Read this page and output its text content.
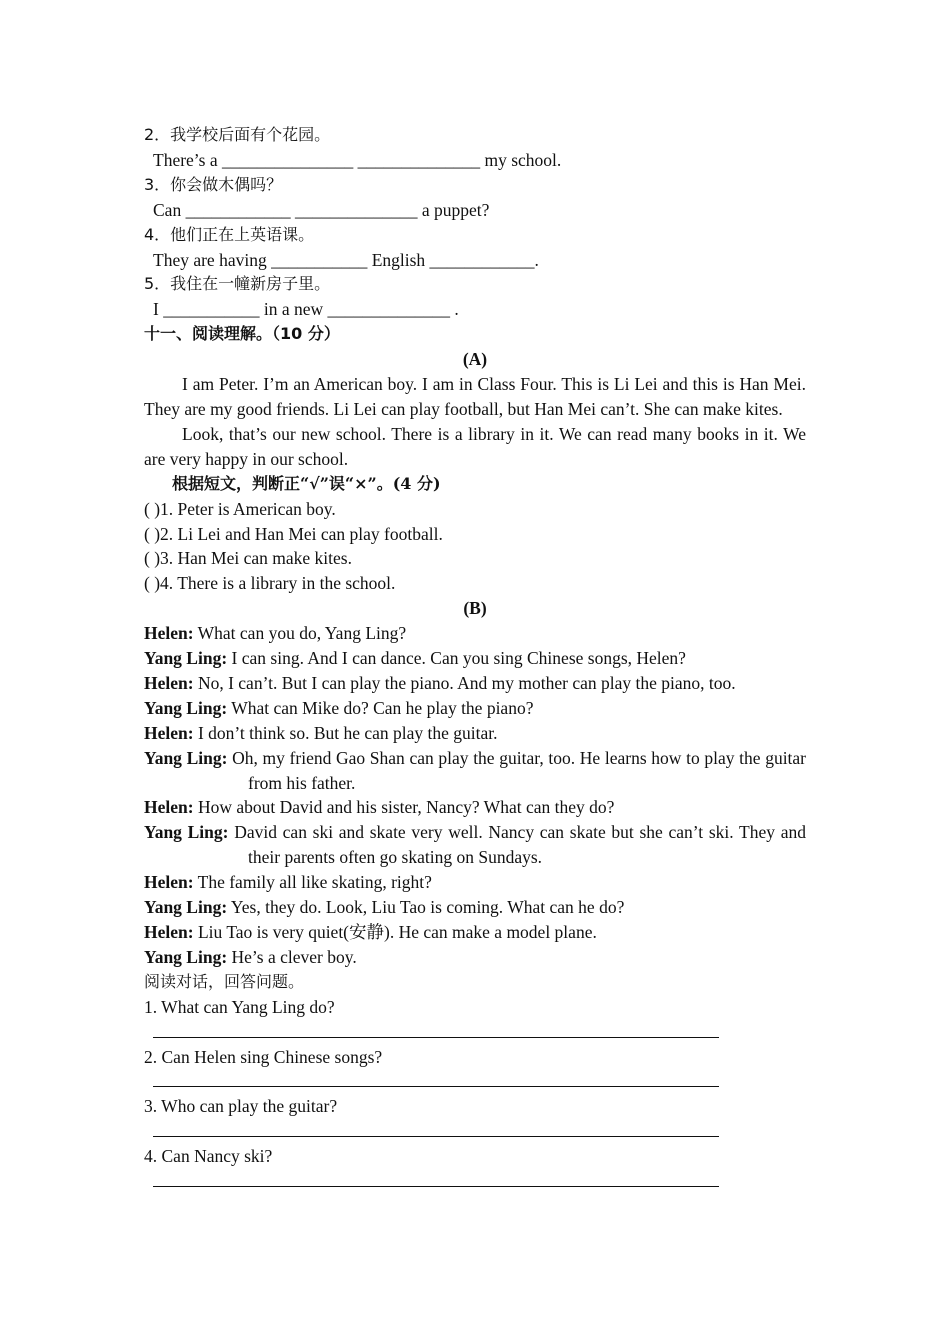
2．我学校后面有个花园。
There’s a _______________ ______________ my school.
3．你会做木偶吗？
Can ____________ ______________ a puppet?
4．他们正在上英语课。
They are having ___________ English ____________.
5．我住在一幢新房子里。
I ___________ in a new ______________ .
十一、阅读理解。（10 分）
(A)
I am Peter. I’m an American boy. I am in Class Four. This is Li Lei and this is Han Mei. They are my good friends. Li Lei can play football, but Han Mei can’t. She can make kites.
Look, that’s our new school. There is a library in it. We can read many books in it. We are very happy in our school.
根据短文，判断正“√”误“×”。(4 分)
( )1. Peter is American boy.
( )2. Li Lei and Han Mei can play football.
( )3. Han Mei can make kites.
( )4. There is a library in the school.
(B)
Helen: What can you do, Yang Ling?
Yang Ling: I can sing. And I can dance. Can you sing Chinese songs, Helen?
Helen: No, I can’t. But I can play the piano. And my mother can play the piano, too.
Yang Ling: What can Mike do? Can he play the piano?
Helen: I don’t think so. But he can play the guitar.
Yang Ling: Oh, my friend Gao Shan can play the guitar, too. He learns how to play the guitar from his father.
Helen: How about David and his sister, Nancy? What can they do?
Yang Ling: David can ski and skate very well. Nancy can skate but she can’t ski. They and their parents often go skating on Sundays.
Helen: The family all like skating, right?
Yang Ling: Yes, they do. Look, Liu Tao is coming. What can he do?
Helen: Liu Tao is very quiet(安静). He can make a model plane.
Yang Ling: He’s a clever boy.
阅读对话，回答问题。
1. What can Yang Ling do?
2. Can Helen sing Chinese songs?
3. Who can play the guitar?
4. Can Nancy ski?
